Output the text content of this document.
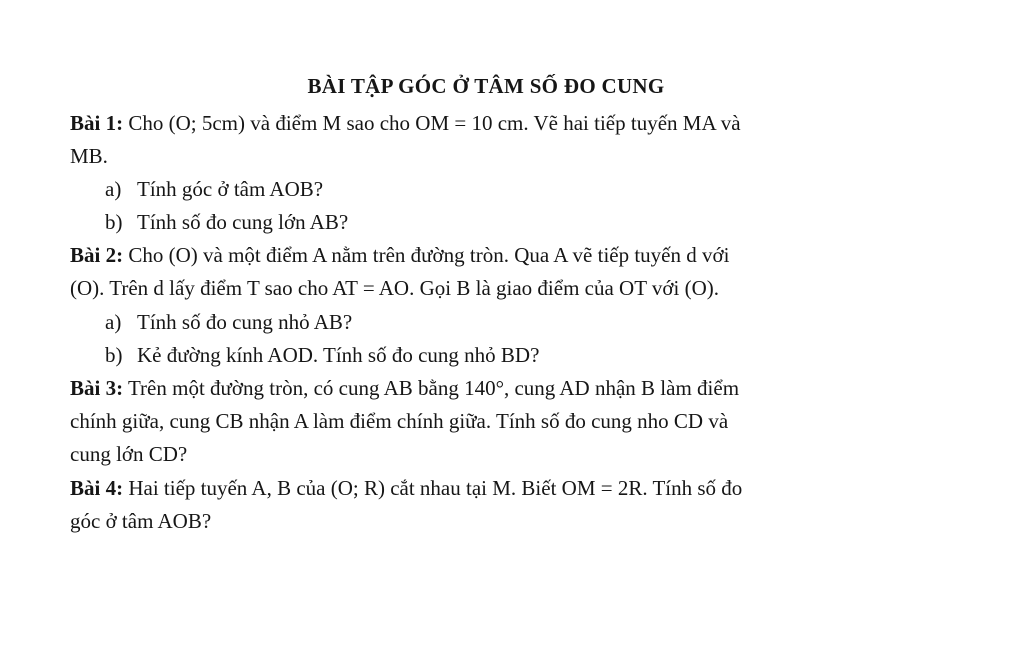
BÀI TẬP GÓC Ở TÂM SỐ ĐO CUNG
Bài 1: Cho (O; 5cm) và điểm M sao cho OM = 10 cm. Vẽ hai tiếp tuyến MA và
MB.
a) Tính góc ở tâm AOB?
b) Tính số đo cung lớn AB?
Bài 2: Cho (O) và một điểm A nằm trên đường tròn. Qua A vẽ tiếp tuyến d với
(O). Trên d lấy điểm T sao cho AT = AO. Gọi B là giao điểm của OT với (O).
a) Tính số đo cung nhỏ AB?
b) Kẻ đường kính AOD. Tính số đo cung nhỏ BD?
Bài 3: Trên một đường tròn, có cung AB bằng 140°, cung AD nhận B làm điểm
chính giữa, cung CB nhận A làm điểm chính giữa. Tính số đo cung nho CD và
cung lớn CD?
Bài 4: Hai tiếp tuyến A, B của (O; R) cắt nhau tại M. Biết OM = 2R. Tính số đo
góc ở tâm AOB?
